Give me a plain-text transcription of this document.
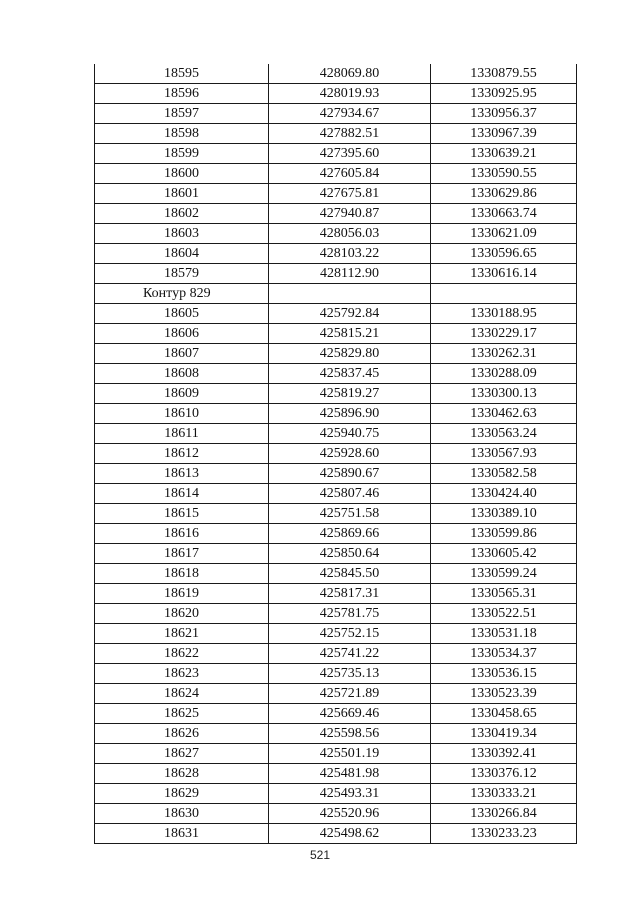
18595	428069.80	1330879.55
18596	428019.93	1330925.95
18597	427934.67	1330956.37
18598	427882.51	1330967.39
18599	427395.60	1330639.21
18600	427605.84	1330590.55
18601	427675.81	1330629.86
18602	427940.87	1330663.74
18603	428056.03	1330621.09
18604	428103.22	1330596.65
18579	428112.90	1330616.14
Контур 829		
18605	425792.84	1330188.95
18606	425815.21	1330229.17
18607	425829.80	1330262.31
18608	425837.45	1330288.09
18609	425819.27	1330300.13
18610	425896.90	1330462.63
18611	425940.75	1330563.24
18612	425928.60	1330567.93
18613	425890.67	1330582.58
18614	425807.46	1330424.40
18615	425751.58	1330389.10
18616	425869.66	1330599.86
18617	425850.64	1330605.42
18618	425845.50	1330599.24
18619	425817.31	1330565.31
18620	425781.75	1330522.51
18621	425752.15	1330531.18
18622	425741.22	1330534.37
18623	425735.13	1330536.15
18624	425721.89	1330523.39
18625	425669.46	1330458.65
18626	425598.56	1330419.34
18627	425501.19	1330392.41
18628	425481.98	1330376.12
18629	425493.31	1330333.21
18630	425520.96	1330266.84
18631	425498.62	1330233.23
521
